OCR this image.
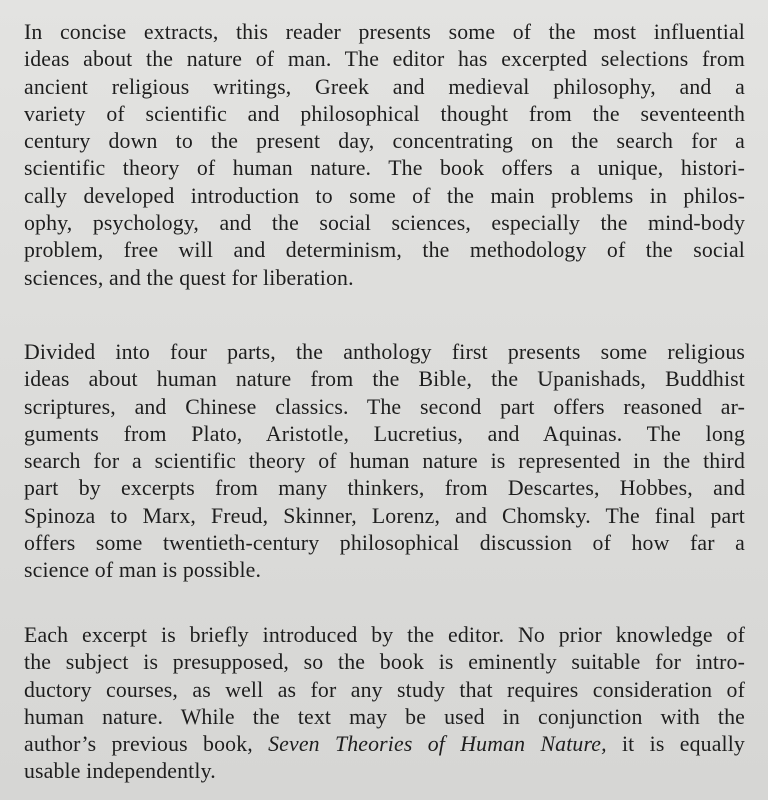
In concise extracts, this reader presents some of the most influential
ideas about the nature of man. The editor has excerpted selections from
ancient religious writings, Greek and medieval philosophy, and a
variety of scientific and philosophical thought from the seventeenth
century down to the present day, concentrating on the search for a
scientific theory of human nature. The book offers a unique, histori-
cally developed introduction to some of the main problems in philos-
ophy, psychology, and the social sciences, especially the mind-body
problem, free will and determinism, the methodology of the social
sciences, and the quest for liberation.

Divided into four parts, the anthology first presents some religious
ideas about human nature from the Bible, the Upanishads, Buddhist
scriptures, and Chinese classics. The second part offers reasoned ar-
guments from Plato, Aristotle, Lucretius, and Aquinas. The long
search for a scientific theory of human nature is represented in the third
part by excerpts from many thinkers, from Descartes, Hobbes, and
Spinoza to Marx, Freud, Skinner, Lorenz, and Chomsky. The final part
offers some twentieth-century philosophical discussion of how far a
science of man is possible.

Each excerpt is briefly introduced by the editor. No prior knowledge of
the subject is presupposed, so the book is eminently suitable for intro-
ductory courses, as well as for any study that requires consideration of
human nature. While the text may be used in conjunction with the
author’s previous book, Seven Theories of Human Nature, it is equally
usable independently.
